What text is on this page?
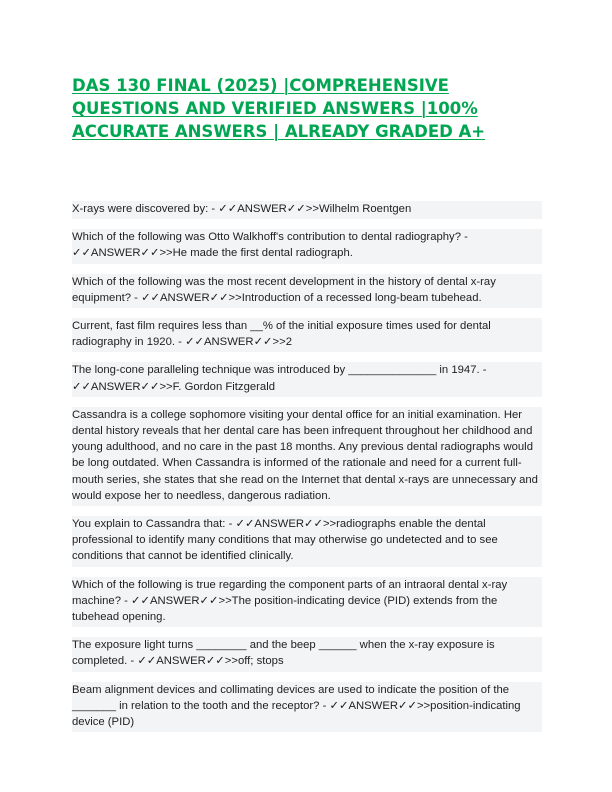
DAS 130 FINAL (2025) |COMPREHENSIVE QUESTIONS AND VERIFIED ANSWERS |100% ACCURATE ANSWERS | ALREADY GRADED A+

X-rays were discovered by: - ✓✓ANSWER✓✓>>Wilhelm Roentgen

Which of the following was Otto Walkhoff's contribution to dental radiography? - ✓✓ANSWER✓✓>>He made the first dental radiograph.

Which of the following was the most recent development in the history of dental x-ray equipment? - ✓✓ANSWER✓✓>>Introduction of a recessed long-beam tubehead.

Current, fast film requires less than __% of the initial exposure times used for dental radiography in 1920. - ✓✓ANSWER✓✓>>2

The long-cone paralleling technique was introduced by ______________ in 1947. - ✓✓ANSWER✓✓>>F. Gordon Fitzgerald

Cassandra is a college sophomore visiting your dental office for an initial examination. Her dental history reveals that her dental care has been infrequent throughout her childhood and young adulthood, and no care in the past 18 months. Any previous dental radiographs would be long outdated. When Cassandra is informed of the rationale and need for a current full-mouth series, she states that she read on the Internet that dental x-rays are unnecessary and would expose her to needless, dangerous radiation.

You explain to Cassandra that: - ✓✓ANSWER✓✓>>radiographs enable the dental professional to identify many conditions that may otherwise go undetected and to see conditions that cannot be identified clinically.

Which of the following is true regarding the component parts of an intraoral dental x-ray machine? - ✓✓ANSWER✓✓>>The position-indicating device (PID) extends from the tubehead opening.

The exposure light turns ________ and the beep ______ when the x-ray exposure is completed. - ✓✓ANSWER✓✓>>off; stops

Beam alignment devices and collimating devices are used to indicate the position of the _______ in relation to the tooth and the receptor? - ✓✓ANSWER✓✓>>position-indicating device (PID)
